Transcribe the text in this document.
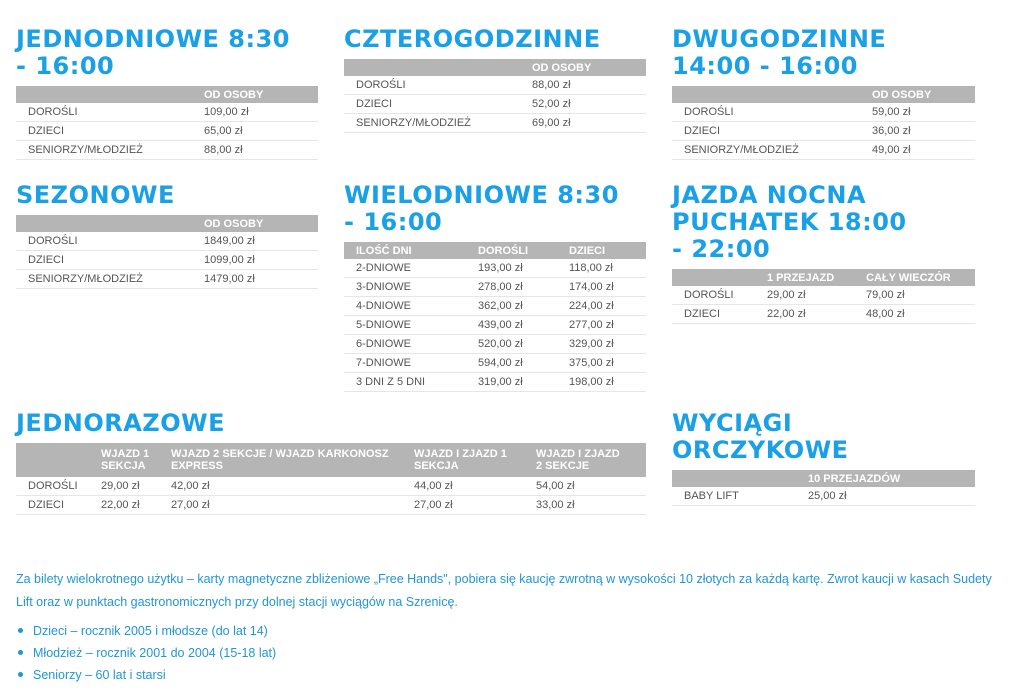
JEDNODNIOWE 8:30 - 16:00
	OD OSOBY
DOROŚLI	109,00 zł
DZIECI	65,00 zł
SENIORZY/MŁODZIEŻ	88,00 zł
CZTEROGODZINNE
	OD OSOBY
DOROŚLI	88,00 zł
DZIECI	52,00 zł
SENIORZY/MŁODZIEŻ	69,00 zł
DWUGODZINNE 14:00 - 16:00
	OD OSOBY
DOROŚLI	59,00 zł
DZIECI	36,00 zł
SENIORZY/MŁODZIEŻ	49,00 zł
SEZONOWE
	OD OSOBY
DOROŚLI	1849,00 zł
DZIECI	1099,00 zł
SENIORZY/MŁODZIEŻ	1479,00 zł
WIELODNIOWE 8:30 - 16:00
ILOŚĆ DNI	DOROŚLI	DZIECI
2-DNIOWE	193,00 zł	118,00 zł
3-DNIOWE	278,00 zł	174,00 zł
4-DNIOWE	362,00 zł	224,00 zł
5-DNIOWE	439,00 zł	277,00 zł
6-DNIOWE	520,00 zł	329,00 zł
7-DNIOWE	594,00 zł	375,00 zł
3 DNI Z 5 DNI	319,00 zł	198,00 zł
JAZDA NOCNA PUCHATEK 18:00 - 22:00
	1 PRZEJAZD	CAŁY WIECZÓR
DOROŚLI	29,00 zł	79,00 zł
DZIECI	22,00 zł	48,00 zł
JEDNORAZOWE
	WJAZD 1 SEKCJA	WJAZD 2 SEKCJE / WJAZD KARKONOSZ EXPRESS	WJAZD I ZJAZD 1 SEKCJA	WJAZD I ZJAZD 2 SEKCJE
DOROŚLI	29,00 zł	42,00 zł	44,00 zł	54,00 zł
DZIECI	22,00 zł	27,00 zł	27,00 zł	33,00 zł
WYCIĄGI ORCZYKOWE
	10 PRZEJAZDÓW
BABY LIFT	25,00 zł

Za bilety wielokrotnego użytku – karty magnetyczne zbliżeniowe „Free Hands", pobiera się kaucję zwrotną w wysokości 10 złotych za każdą kartę. Zwrot kaucji w kasach Sudety Lift oraz w punktach gastronomicznych przy dolnej stacji wyciągów na Szrenicę.

Dzieci – rocznik 2005 i młodsze (do lat 14)
Młodzież – rocznik 2001 do 2004 (15-18 lat)
Seniorzy – 60 lat i starsi
